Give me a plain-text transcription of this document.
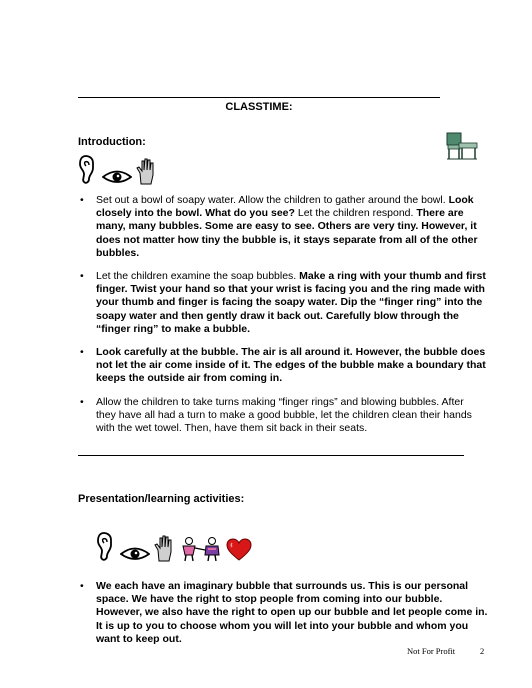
CLASSTIME:
Introduction:
• Set out a bowl of soapy water. Allow the children to gather around the bowl. Look closely into the bowl. What do you see? Let the children respond. There are many, many bubbles. Some are easy to see. Others are very tiny. However, it does not matter how tiny the bubble is, it stays separate from all of the other bubbles.
• Let the children examine the soap bubbles. Make a ring with your thumb and first finger. Twist your hand so that your wrist is facing you and the ring made with your thumb and finger is facing the soapy water. Dip the “finger ring” into the soapy water and then gently draw it back out. Carefully blow through the “finger ring” to make a bubble.
• Look carefully at the bubble. The air is all around it. However, the bubble does not let the air come inside of it. The edges of the bubble make a boundary that keeps the outside air from coming in.
• Allow the children to take turns making “finger rings” and blowing bubbles. After they have all had a turn to make a good bubble, let the children clean their hands with the wet towel. Then, have them sit back in their seats.
Presentation/learning activities:
• We each have an imaginary bubble that surrounds us. This is our personal space. We have the right to stop people from coming into our bubble. However, we also have the right to open up our bubble and let people come in. It is up to you to choose whom you will let into your bubble and whom you want to keep out.
Not For Profit	2
